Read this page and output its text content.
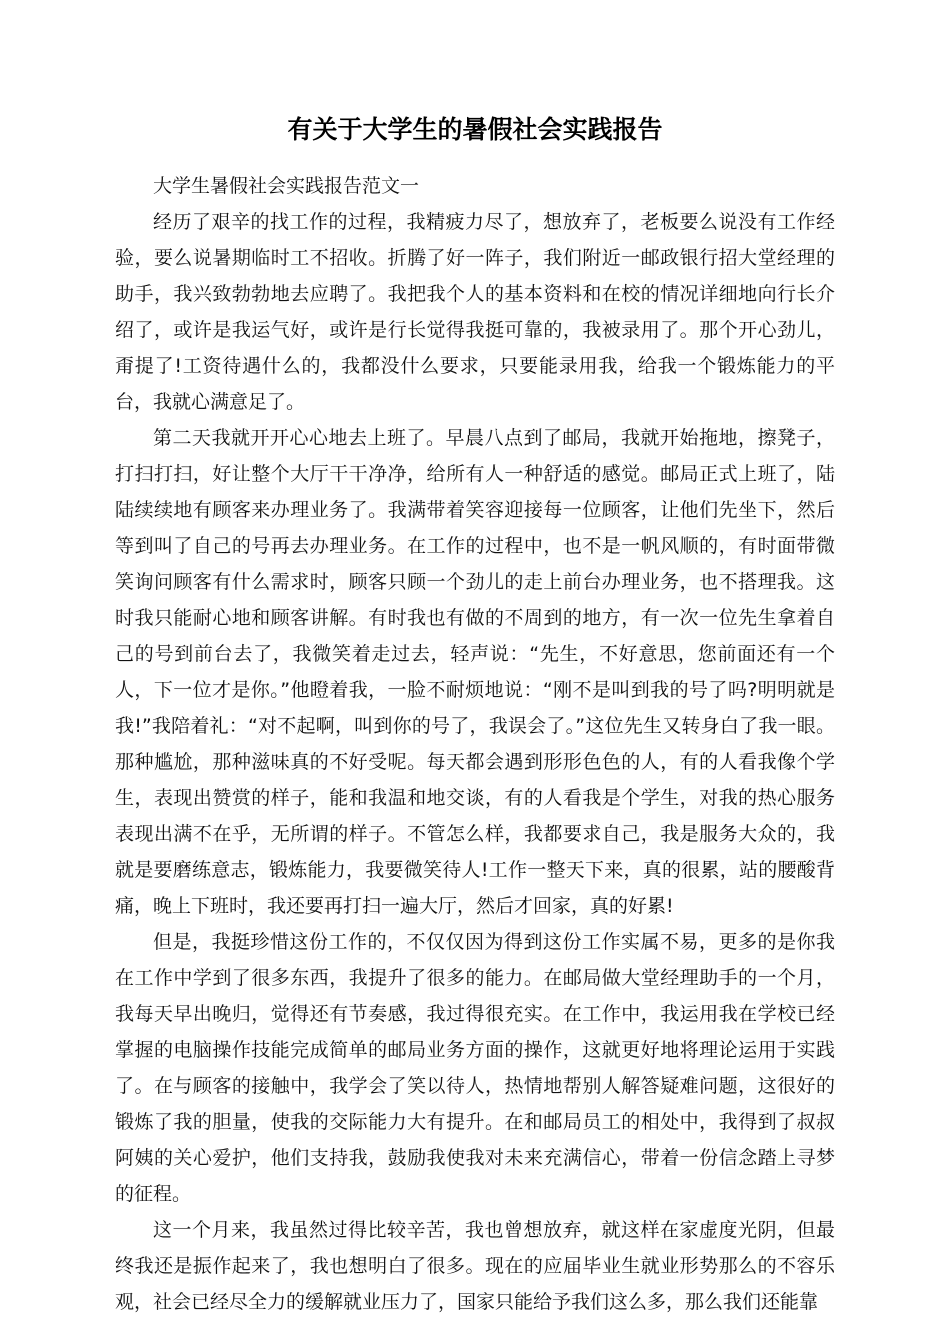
有关于大学生的暑假社会实践报告

大学生暑假社会实践报告范文一

经历了艰辛的找工作的过程，我精疲力尽了，想放弃了，老板要么说没有工作经验，要么说暑期临时工不招收。折腾了好一阵子，我们附近一邮政银行招大堂经理的助手，我兴致勃勃地去应聘了。我把我个人的基本资料和在校的情况详细地向行长介绍了，或许是我运气好，或许是行长觉得我挺可靠的，我被录用了。那个开心劲儿，甭提了!工资待遇什么的，我都没什么要求，只要能录用我，给我一个锻炼能力的平台，我就心满意足了。

第二天我就开开心心地去上班了。早晨八点到了邮局，我就开始拖地，擦凳子，打扫打扫，好让整个大厅干干净净，给所有人一种舒适的感觉。邮局正式上班了，陆陆续续地有顾客来办理业务了。我满带着笑容迎接每一位顾客，让他们先坐下，然后等到叫了自己的号再去办理业务。在工作的过程中，也不是一帆风顺的，有时面带微笑询问顾客有什么需求时，顾客只顾一个劲儿的走上前台办理业务，也不搭理我。这时我只能耐心地和顾客讲解。有时我也有做的不周到的地方，有一次一位先生拿着自己的号到前台去了，我微笑着走过去，轻声说：“先生，不好意思，您前面还有一个人，下一位才是你。”他瞪着我，一脸不耐烦地说：“刚不是叫到我的号了吗?明明就是我!”我陪着礼：“对不起啊，叫到你的号了，我误会了。”这位先生又转身白了我一眼。那种尴尬，那种滋味真的不好受呢。每天都会遇到形形色色的人，有的人看我像个学生，表现出赞赏的样子，能和我温和地交谈，有的人看我是个学生，对我的热心服务表现出满不在乎，无所谓的样子。不管怎么样，我都要求自己，我是服务大众的，我就是要磨练意志，锻炼能力，我要微笑待人!工作一整天下来，真的很累，站的腰酸背痛，晚上下班时，我还要再打扫一遍大厅，然后才回家，真的好累!

但是，我挺珍惜这份工作的，不仅仅因为得到这份工作实属不易，更多的是你我在工作中学到了很多东西，我提升了很多的能力。在邮局做大堂经理助手的一个月，我每天早出晚归，觉得还有节奏感，我过得很充实。在工作中，我运用我在学校已经掌握的电脑操作技能完成简单的邮局业务方面的操作，这就更好地将理论运用于实践了。在与顾客的接触中，我学会了笑以待人，热情地帮别人解答疑难问题，这很好的锻炼了我的胆量，使我的交际能力大有提升。在和邮局员工的相处中，我得到了叔叔阿姨的关心爱护，他们支持我，鼓励我使我对未来充满信心，带着一份信念踏上寻梦的征程。

这一个月来，我虽然过得比较辛苦，我也曾想放弃，就这样在家虚度光阴，但最终我还是振作起来了，我也想明白了很多。现在的应届毕业生就业形势那么的不容乐观，社会已经尽全力的缓解就业压力了，国家只能给予我们这么多，那么我们还能靠
